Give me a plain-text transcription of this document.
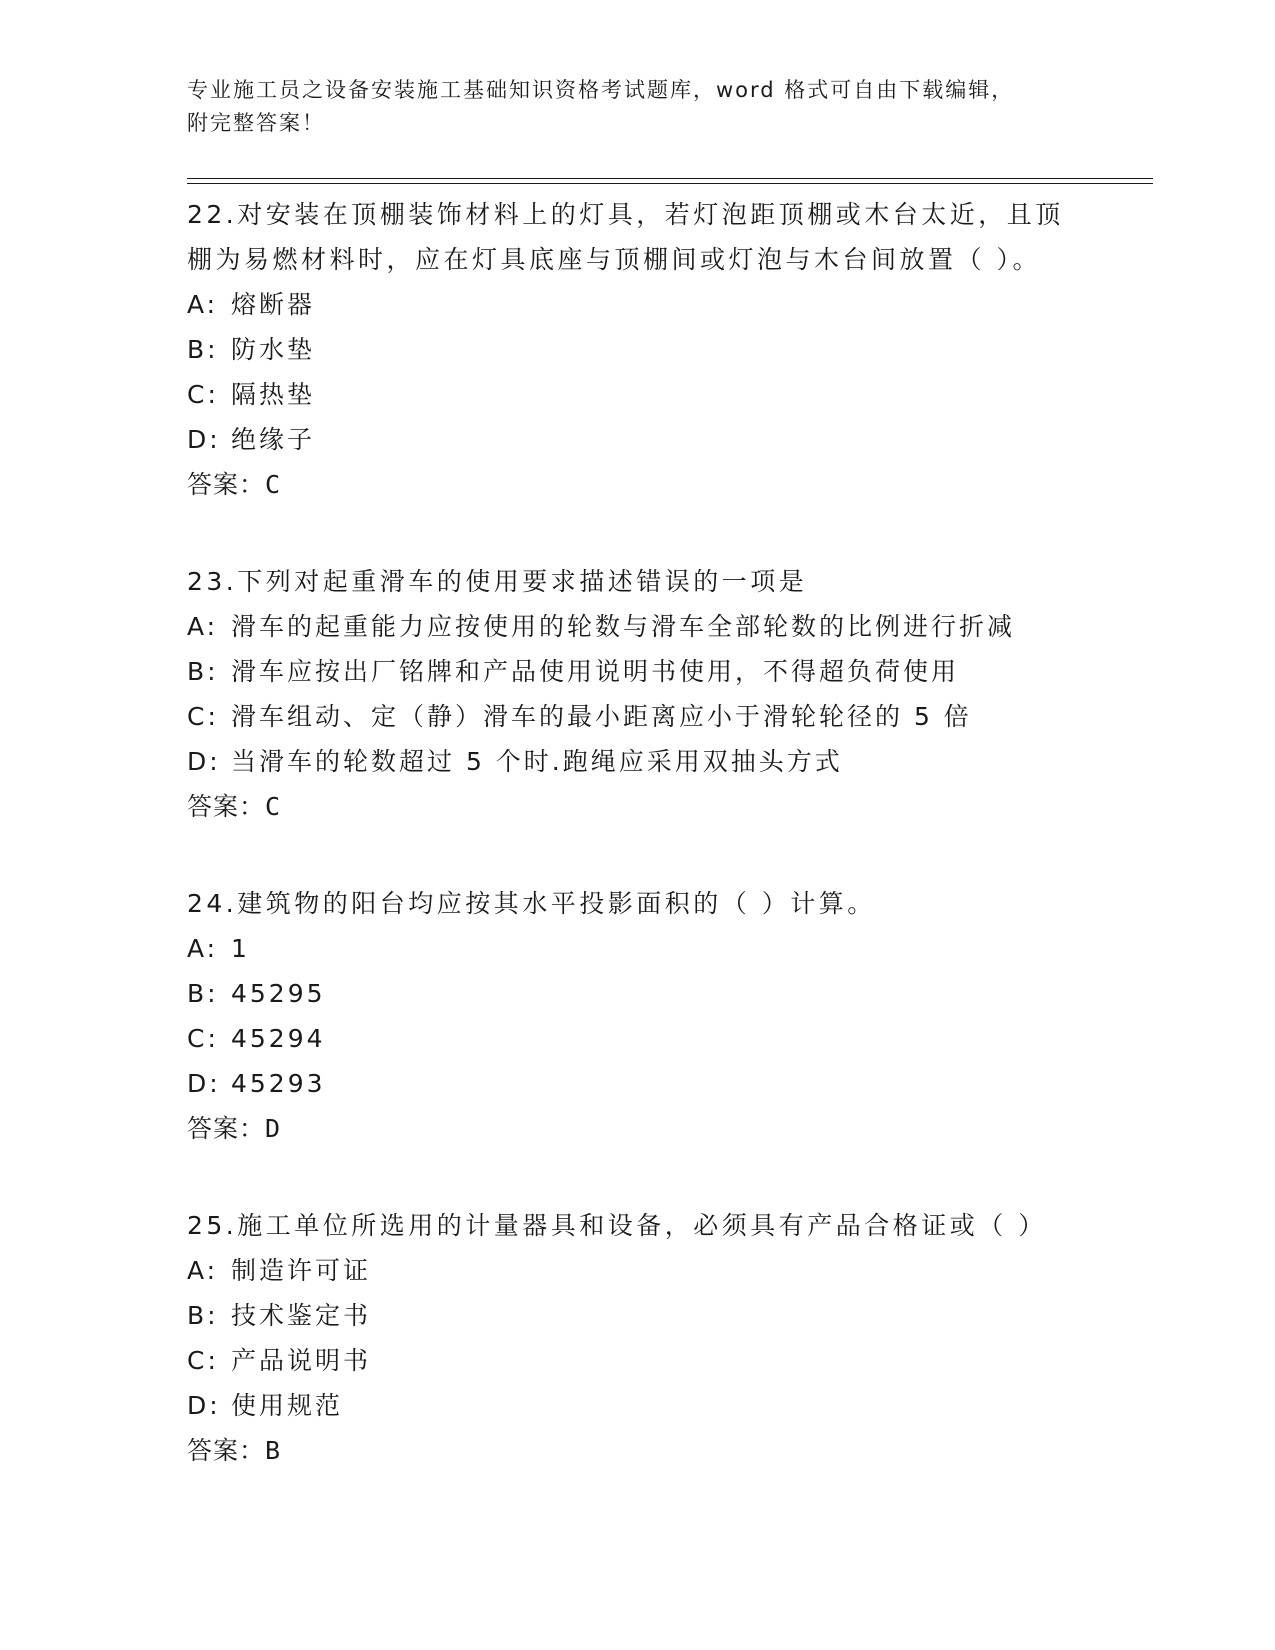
专业施工员之设备安装施工基础知识资格考试题库，word 格式可自由下载编辑，
附完整答案！
22.对安装在顶棚装饰材料上的灯具，若灯泡距顶棚或木台太近，且顶棚为易燃材料时，应在灯具底座与顶棚间或灯泡与木台间放置（ ）。
A: 熔断器
B: 防水垫
C: 隔热垫
D: 绝缘子
答案：C
23.下列对起重滑车的使用要求描述错误的一项是
A: 滑车的起重能力应按使用的轮数与滑车全部轮数的比例进行折减
B: 滑车应按出厂铭牌和产品使用说明书使用，不得超负荷使用
C: 滑车组动、定（静）滑车的最小距离应小于滑轮轮径的 5 倍
D: 当滑车的轮数超过 5 个时.跑绳应采用双抽头方式
答案：C
24.建筑物的阳台均应按其水平投影面积的（ ）计算。
A: 1
B: 45295
C: 45294
D: 45293
答案：D
25.施工单位所选用的计量器具和设备，必须具有产品合格证或（ ）
A: 制造许可证
B: 技术鉴定书
C: 产品说明书
D: 使用规范
答案：B
